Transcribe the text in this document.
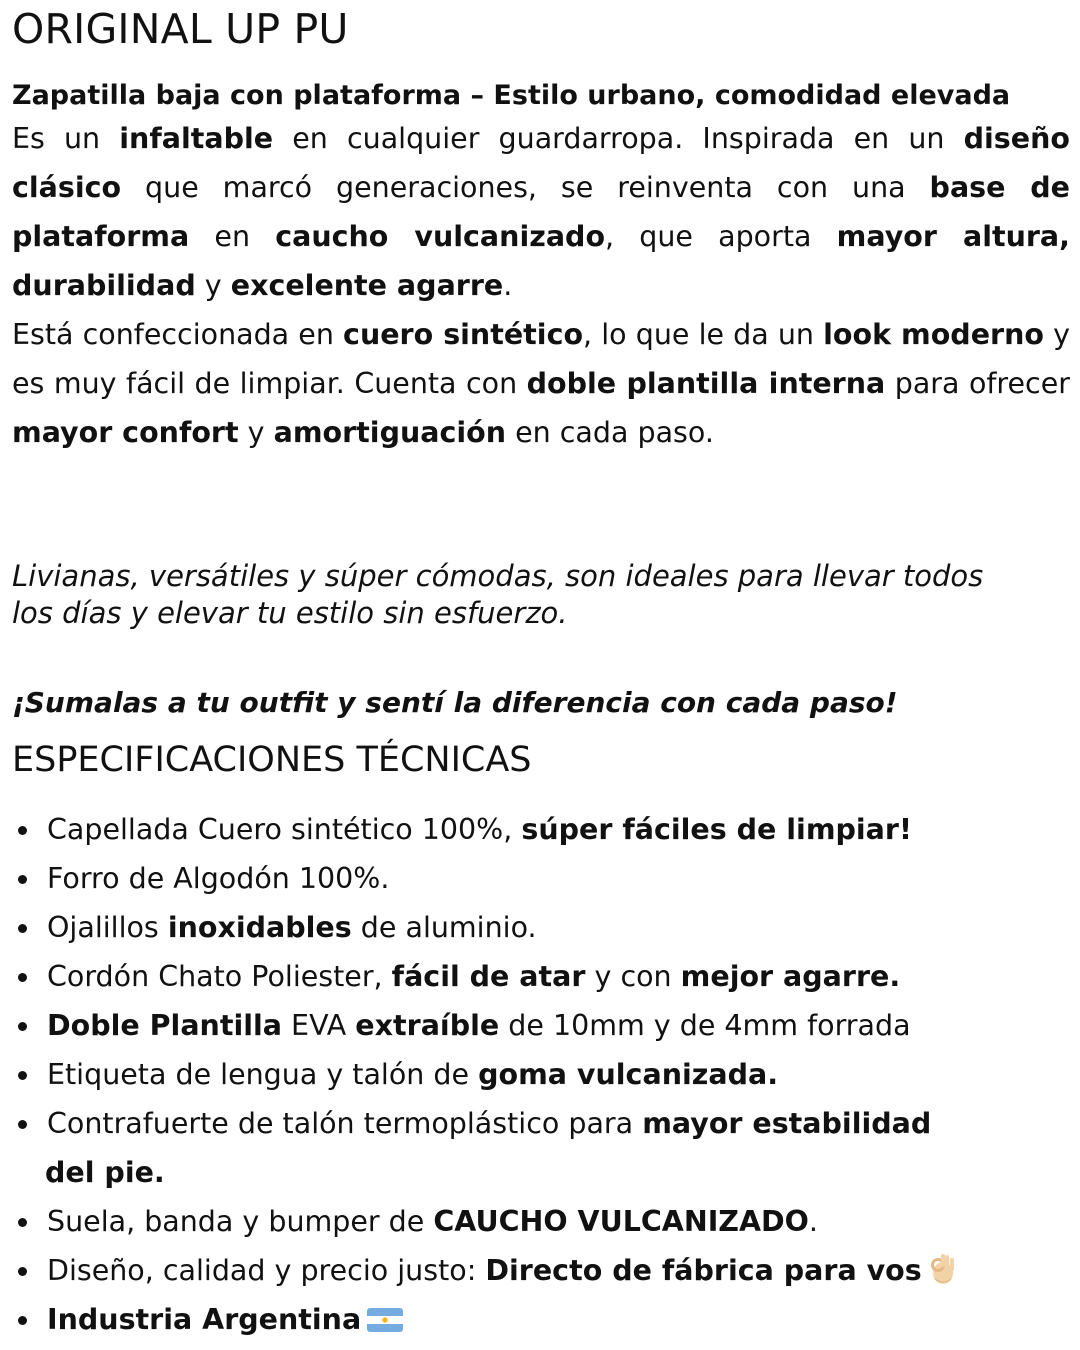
ORIGINAL UP PU

Zapatilla baja con plataforma – Estilo urbano, comodidad elevada

Es un infaltable en cualquier guardarropa. Inspirada en un diseño clásico que marcó generaciones, se reinventa con una base de plataforma en caucho vulcanizado, que aporta mayor altura, durabilidad y excelente agarre.

Está confeccionada en cuero sintético, lo que le da un look moderno y es muy fácil de limpiar. Cuenta con doble plantilla interna para ofrecer mayor confort y amortiguación en cada paso.

Livianas, versátiles y súper cómodas, son ideales para llevar todos
los días y elevar tu estilo sin esfuerzo.

¡Sumalas a tu outfit y sentí la diferencia con cada paso!

ESPECIFICACIONES TÉCNICAS
Capellada Cuero sintético 100%, súper fáciles de limpiar!
Forro de Algodón 100%.
Ojalillos inoxidables de aluminio.
Cordón Chato Poliester, fácil de atar y con mejor agarre.
Doble Plantilla EVA extraíble de 10mm y de 4mm forrada
Etiqueta de lengua y talón de goma vulcanizada.
Contrafuerte de talón termoplástico para mayor estabilidad
del pie.
Suela, banda y bumper de CAUCHO VULCANIZADO.
Diseño, calidad y precio justo: Directo de fábrica para vos
Industria Argentina
